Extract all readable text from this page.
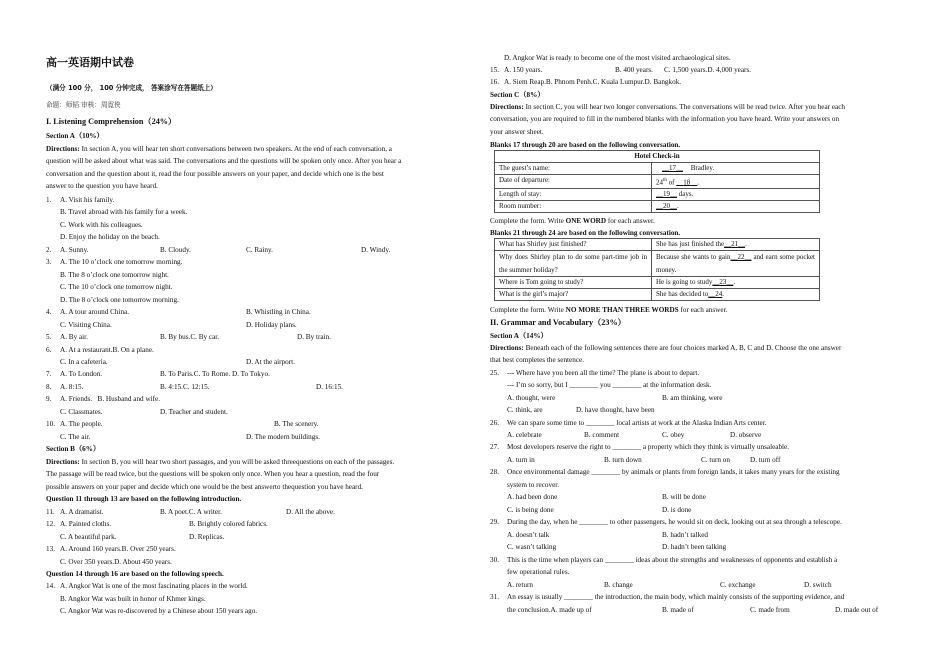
高一英语期中试卷
（满分 100 分， 100 分钟完成， 答案涂写在答题纸上）
命题：师韬 审核：周霓侠
I. Listening Comprehension（24%）
Section A（10%）
Directions: In section A, you will hear ten short conversations between two speakers. At the end of each conversation, a
question will be asked about what was said. The conversations and the questions will be spoken only once. After you hear a
conversation and the question about it, read the four possible answers on your paper, and decide which one is the best
answer to the question you have heard.
1. A. Visit his family.
B. Travel abroad with his family for a week.
C. Work with his colleagues.
D. Enjoy the holiday on the beach.
2. A. Sunny.	B. Cloudy.	C. Rainy.	D. Windy.
3. A. The 10 o’clock one tomorrow morning.
B. The 8 o’clock one tomorrow night.
C. The 10 o’clock one tomorrow night.
D. The 8 o’clock one tomorrow morning.
4. A. A tour around China.	B. Whistling in China.
C. Visiting China.	D. Holiday plans.
5. A. By air.	B. By bus.C. By car.	D. By train.
6. A. At a restaurant.B. On a plane.
C. In a cafeteria.	D. At the airport.
7. A. To London.	B. To Paris.C. To Rome. D. To Tokyo.
8. A. 8:15.	B. 4:15.C. 12:15.	D. 16:15.
9. A. Friends.   B. Husband and wife.
C. Classmates.	D. Teacher and student.
10. A. The people.	B. The scenery.
C. The air.	D. The modern buildings.
Section B（6%）
Directions: In section B, you will hear two short passages, and you will be asked threequestions on each of the passages.
The passage will be read twice, but the questions will be spoken only once. When you hear a question, read the four
possible answers on your paper and decide which one would be the best answerto thequestion you have heard.
Question 11 through 13 are based on the following introduction.
11. A. A dramatist.	B. A poet.C. A writer.	D. All the above.
12. A. Painted cloths.	B. Brightly colored fabrics.
C. A beautiful park.	D. Replicas.
13. A. Around 160 years.B. Over 250 years.
C. Over 350 years.D. About 450 years.
Question 14 through 16 are based on the following speech.
14. A. Angkor Wat is one of the most fascinating places in the world.
B. Angkor Wat was built in honor of Khmer kings.
C. Angkor Wat was re-discovered by a Chinese about 150 years ago.
D. Angkor Wat is ready to become one of the most visited archaeological sites.
15. A. 150 years.	B. 400 years. C. 1,500 years.D. 4,000 years.
16. A. Siem Reap.B. Phnom Penh.C. Kuala Lumpur.D. Bangkok.
Section C（8%）
Directions: In section C, you will hear two longer conversations. The conversations will be read twice. After you hear each
conversation, you are required to fill in the numbered blanks with the information you have heard. Write your answers on
your answer sheet.
Blanks 17 through 20 are based on the following conversation.
Hotel Check-in	
The guest’s name:	__17__ Bradley.
Date of departure:	24th of __18__.
Length of stay:	__19__ days.
Room number:	__20__.
Complete the form. Write ONE WORD for each answer.
Blanks 21 through 24 are based on the following conversation.
What has Shirley just finished?	She has just finished the__21__.
Why does Shirley plan to do some part-time job in the summer holiday?	Because she wants to gain__22__ and earn some pocket money.
Where is Tom going to study?	He is going to study__23__.
What is the girl’s major?	She has decided to__24.
Complete the form. Write NO MORE THAN THREE WORDS for each answer.
II. Grammar and Vocabulary（23%）
Section A（14%）
Directions: Beneath each of the following sentences there are four choices marked A, B, C and D. Choose the one answer
that best completes the sentence.
25. --- Where have you been all the time? The plane is about to depart.
--- I’m so sorry, but I ________ you ________ at the information desk.
A. thought, were	B. am thinking, were
C. think, are	D. have thought, have been
26. We can spare some time to ________ local artists at work at the Alaska Indian Arts center.
A. celebrate	B. comment	C. obey	D. observe
27. Most developers reserve the right to ________ a property which they think is virtually unsaleable.
A. turn in	B. turn down	C. turn on	D. turn off
28. Once environmental damage ________ by animals or plants from foreign lands, it takes many years for the existing
system to recover.
A. had been done	B. will be done
C. is being done	D. is done
29. During the day, when he ________ to other passengers, he would sit on deck, looking out at sea through a telescope.
A. doesn’t talk	B. hadn’t talked
C. wasn’t talking	D. hadn’t been talking
30. This is the time when players can ________ ideas about the strengths and weaknesses of opponents and establish a
few operational rules.
A. return	B. change	C. exchange	D. switch
31. An essay is usually ________ the introduction, the main body, which mainly consists of the supporting evidence, and
the conclusion.A. made up of	B. made of	C. made from	D. made out of
